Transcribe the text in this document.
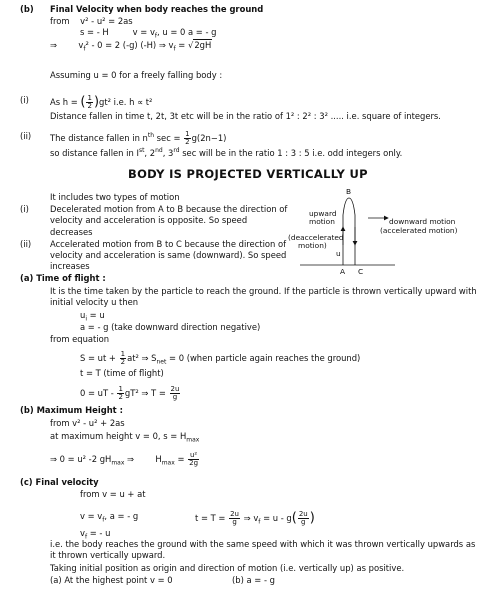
(b) Final Velocity when body reaches the ground
from v² - u² = 2as
s = - H	$v = v_f$, u = 0 a = - g
⇒	$v_f^2 - 0 = 2$ (-g) (-H) ⇒ $v_f = √2gH$
Assuming u = 0 for a freely falling body :
(i)	As h = ( $\frac{1}{2} )gt^2$ i.e. h ∝ t²
Distance fallen in time t, 2t, 3t etc will be in the ratio of 1² : 2² : 3² ..... i.e. square of integers.
(ii) The distance fallen in $n^{th}$ $\sec = \frac{1}{2} g(2n-1)$
so distance fallen in Ist, 2nd, 3rd sec will be in the ratio 1 : 3 : 5 i.e. odd integers only.
BODY IS PROJECTED VERTICALLY UP
It includes two types of motion
(i)	Decelerated motion from A to B because the direction of
velocity and acceleration is opposite. So speed
decreases
(ii) Accelerated motion from B to C because the direction of
velocity and acceleration is same (downward). So speed
increases
B
A C
u
upward
motion
(deaccelerated
motion)
downward motion
(accelerated motion)
(a) Time of flight :
It is the time taken by the particle to reach the ground. If the particle is thrown vertically upward with
initial velocity u then
$u_i = u$
a = - g (take downward direction negative)
from equation
S = ut + $\frac{1}{2} at^2$ ⇒ $S_{net} = 0$ (when particle again reaches the ground)
t = T (time of flight)
0 = uT - $\frac{1}{2} gT^2$ ⇒ $T = \frac{2u}{g}$
(b) Maximum Height :
from v² - u² + 2as
at maximum height v = 0, $s = H_{max}$
⇒ 0 = u² -2 $gH_{max}$ ⇒	$H_{max} = \frac{\text{u²}}{2g}$
(c) Final velocity
from v = u + at
$v = v_f$, a = - g	$t = T = \frac{2u}{g}$ ⇒ $v_f = u - g( \frac{2u}{g}$ )
$v_f$ = - u
i.e. the body reaches the ground with the same speed with which it was thrown vertically upwards as
it thrown vertically upward.
Taking initial position as origin and direction of motion (i.e. vertically up) as positive.
(a) At the highest point v = 0	(b) a = - g
